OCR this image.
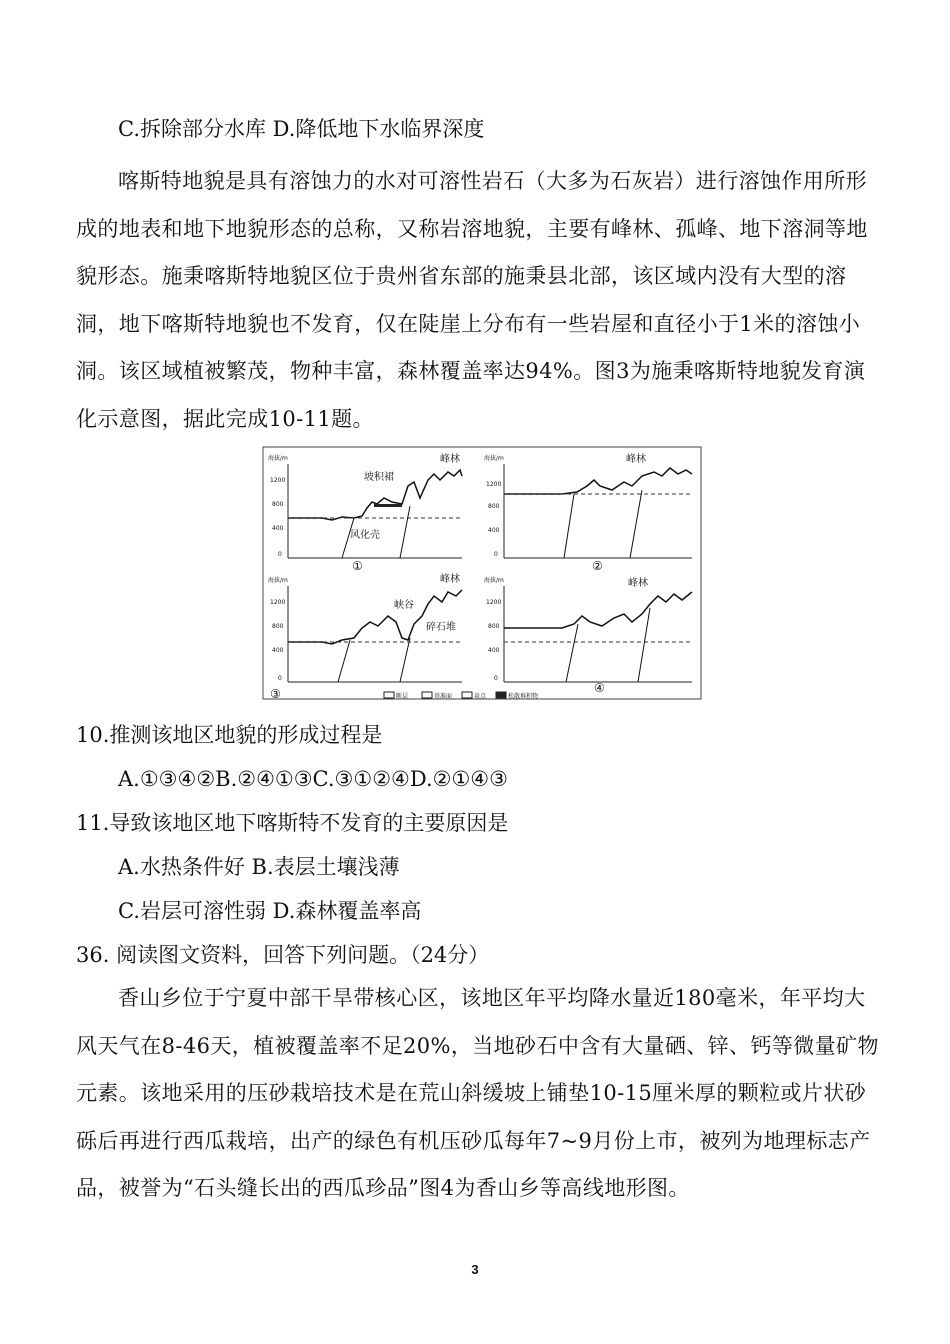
C.拆除部分水库 D.降低地下水临界深度
喀斯特地貌是具有溶蚀力的水对可溶性岩石（大多为石灰岩）进行溶蚀作用所形成的地表和地下地貌形态的总称，又称岩溶地貌，主要有峰林、孤峰、地下溶洞等地貌形态。施秉喀斯特地貌区位于贵州省东部的施秉县北部，该区域内没有大型的溶洞，地下喀斯特地貌也不发育，仅在陡崖上分布有一些岩屋和直径小于1米的溶蚀小洞。该区域植被繁茂，物种丰富，森林覆盖率达94%。图3为施秉喀斯特地貌发育演化示意图，据此完成10-11题。
海拔/m
1200
800
400
0
峰林
坡积裙
风化壳
①
海拔/m
1200
800
400
0
峰林
②
海拔/m
1200
800
400
0
峰林
峡谷
碎石堆
③
海拔/m
1200
800
400
0
峰林
④
断层	基准面	泉点	松散堆积物
10.推测该地区地貌的形成过程是
A.①③④②B.②④①③C.③①②④D.②①④③
11.导致该地区地下喀斯特不发育的主要原因是
A.水热条件好 B.表层土壤浅薄
C.岩层可溶性弱 D.森林覆盖率高
36. 阅读图文资料，回答下列问题。（24分）
香山乡位于宁夏中部干旱带核心区，该地区年平均降水量近180毫米，年平均大风天气在8-46天，植被覆盖率不足20%，当地砂石中含有大量硒、锌、钙等微量矿物元素。该地采用的压砂栽培技术是在荒山斜缓坡上铺垫10-15厘米厚的颗粒或片状砂砾后再进行西瓜栽培，出产的绿色有机压砂瓜每年7~9月份上市，被列为地理标志产品，被誉为“石头缝长出的西瓜珍品”图4为香山乡等高线地形图。
3
